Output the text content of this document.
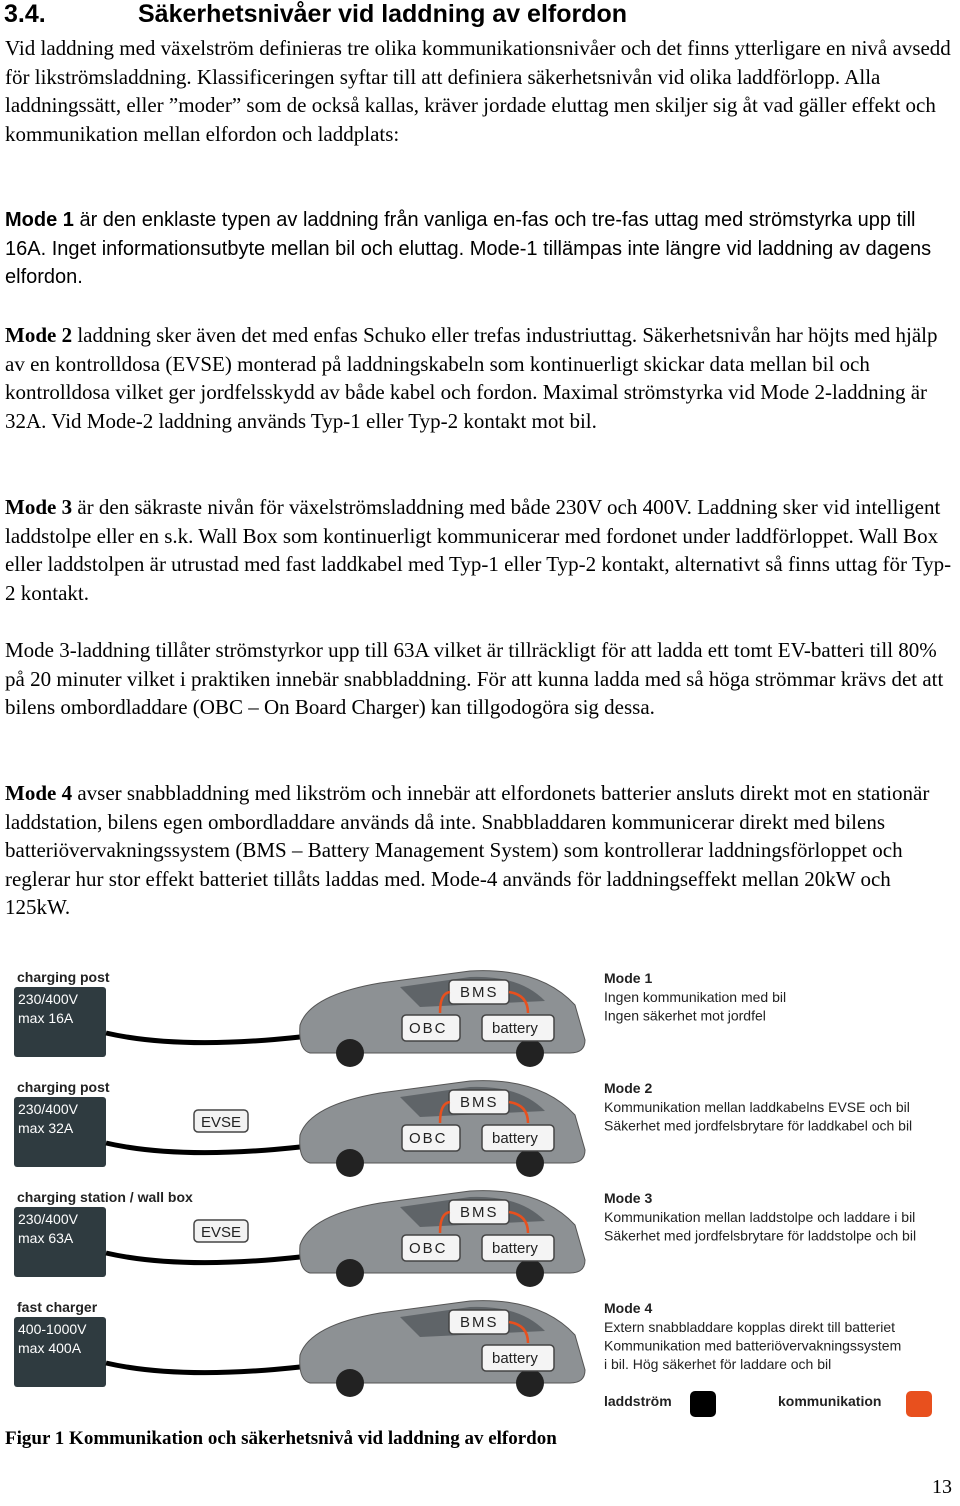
3.4.	Säkerhetsnivåer vid laddning av elfordon

Vid laddning med växelström definieras tre olika kommunikationsnivåer och det finns ytterligare en nivå avsedd för likströmsladdning. Klassificeringen syftar till att definiera säkerhetsnivån vid olika laddförlopp. Alla laddningssätt, eller ”moder” som de också kallas, kräver jordade eluttag men skiljer sig åt vad gäller effekt och kommunikation mellan elfordon och laddplats:

Mode 1 är den enklaste typen av laddning från vanliga en-fas och tre-fas uttag med strömstyrka upp till 16A. Inget informationsutbyte mellan bil och eluttag. Mode-1 tillämpas inte längre vid laddning av dagens elfordon.

Mode 2 laddning sker även det med enfas Schuko eller trefas industriuttag. Säkerhetsnivån har höjts med hjälp av en kontrolldosa (EVSE) monterad på laddningskabeln som kontinuerligt skickar data mellan bil och kontrolldosa vilket ger jordfelsskydd av både kabel och fordon. Maximal strömstyrka vid Mode 2-laddning är 32A. Vid Mode-2 laddning används Typ-1 eller Typ-2 kontakt mot bil.

Mode 3 är den säkraste nivån för växelströmsladdning med både 230V och 400V. Laddning sker vid intelligent laddstolpe eller en s.k. Wall Box som kontinuerligt kommunicerar med fordonet under laddförloppet. Wall Box eller laddstolpen är utrustad med fast laddkabel med Typ-1 eller Typ-2 kontakt, alternativt så finns uttag för Typ-2 kontakt.

Mode 3-laddning tillåter strömstyrkor upp till 63A vilket är tillräckligt för att ladda ett tomt EV-batteri till 80% på 20 minuter vilket i praktiken innebär snabbladdning. För att kunna ladda med så höga strömmar krävs det att bilens ombordladdare (OBC – On Board Charger) kan tillgodogöra sig dessa.

Mode 4 avser snabbladdning med likström och innebär att elfordonets batterier ansluts direkt mot en stationär laddstation, bilens egen ombordladdare används då inte. Snabbladdaren kommunicerar direkt med bilens batteriövervakningssystem (BMS – Battery Management System) som kontrollerar laddningsförloppet och reglerar hur stor effekt batteriet tillåts laddas med. Mode-4 används för laddningseffekt mellan 20kW och 125kW.

charging post
230/400V
max 16A
BMS
battery
OBC
Mode 1
Ingen kommunikation med bil
Ingen säkerhet mot jordfel
charging post
230/400V
max 32A	EVSE
BMS
battery
OBC
Mode 2
Kommunikation mellan laddkabelns EVSE och bil
Säkerhet med jordfelsbrytare för laddkabel och bil
charging station / wall box
230/400V
max 63A	EVSE
BMS
battery
OBC
Mode 3
Kommunikation mellan laddstolpe och laddare i bil
Säkerhet med jordfelsbrytare för laddstolpe och bil
fast charger
400-1000V
max 400A
BMS
battery
Mode 4
Extern snabbladdare kopplas direkt till batteriet
Kommunikation med batteriövervakningssystem
i bil. Hög säkerhet för laddare och bil
laddström	kommunikation
Figur 1 Kommunikation och säkerhetsnivå vid laddning av elfordon
13
